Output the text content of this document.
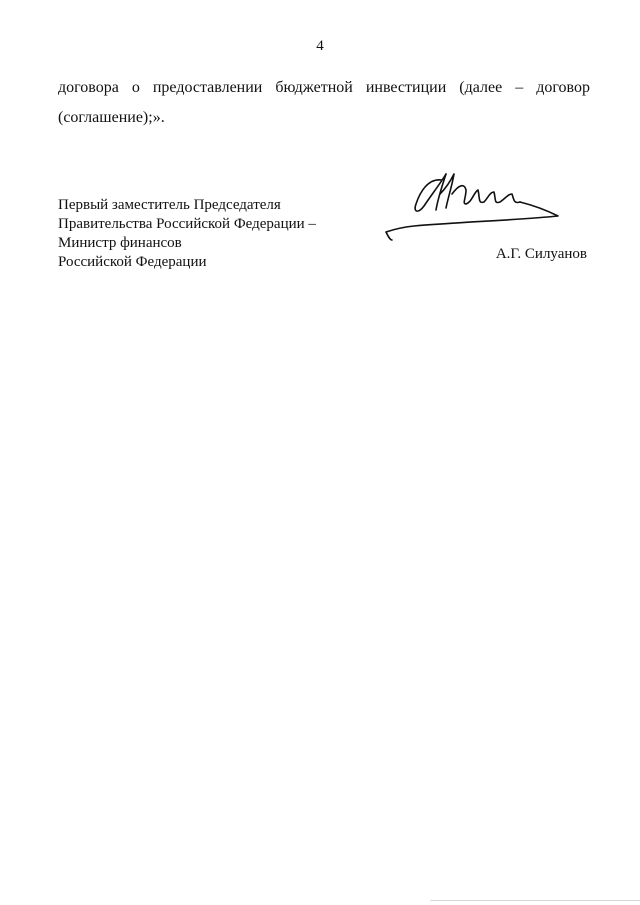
4
договора о предоставлении бюджетной инвестиции (далее – договор
(соглашение);».
Первый заместитель Председателя
Правительства Российской Федерации –
Министр финансов
Российской Федерации	А.Г. Силуанов
